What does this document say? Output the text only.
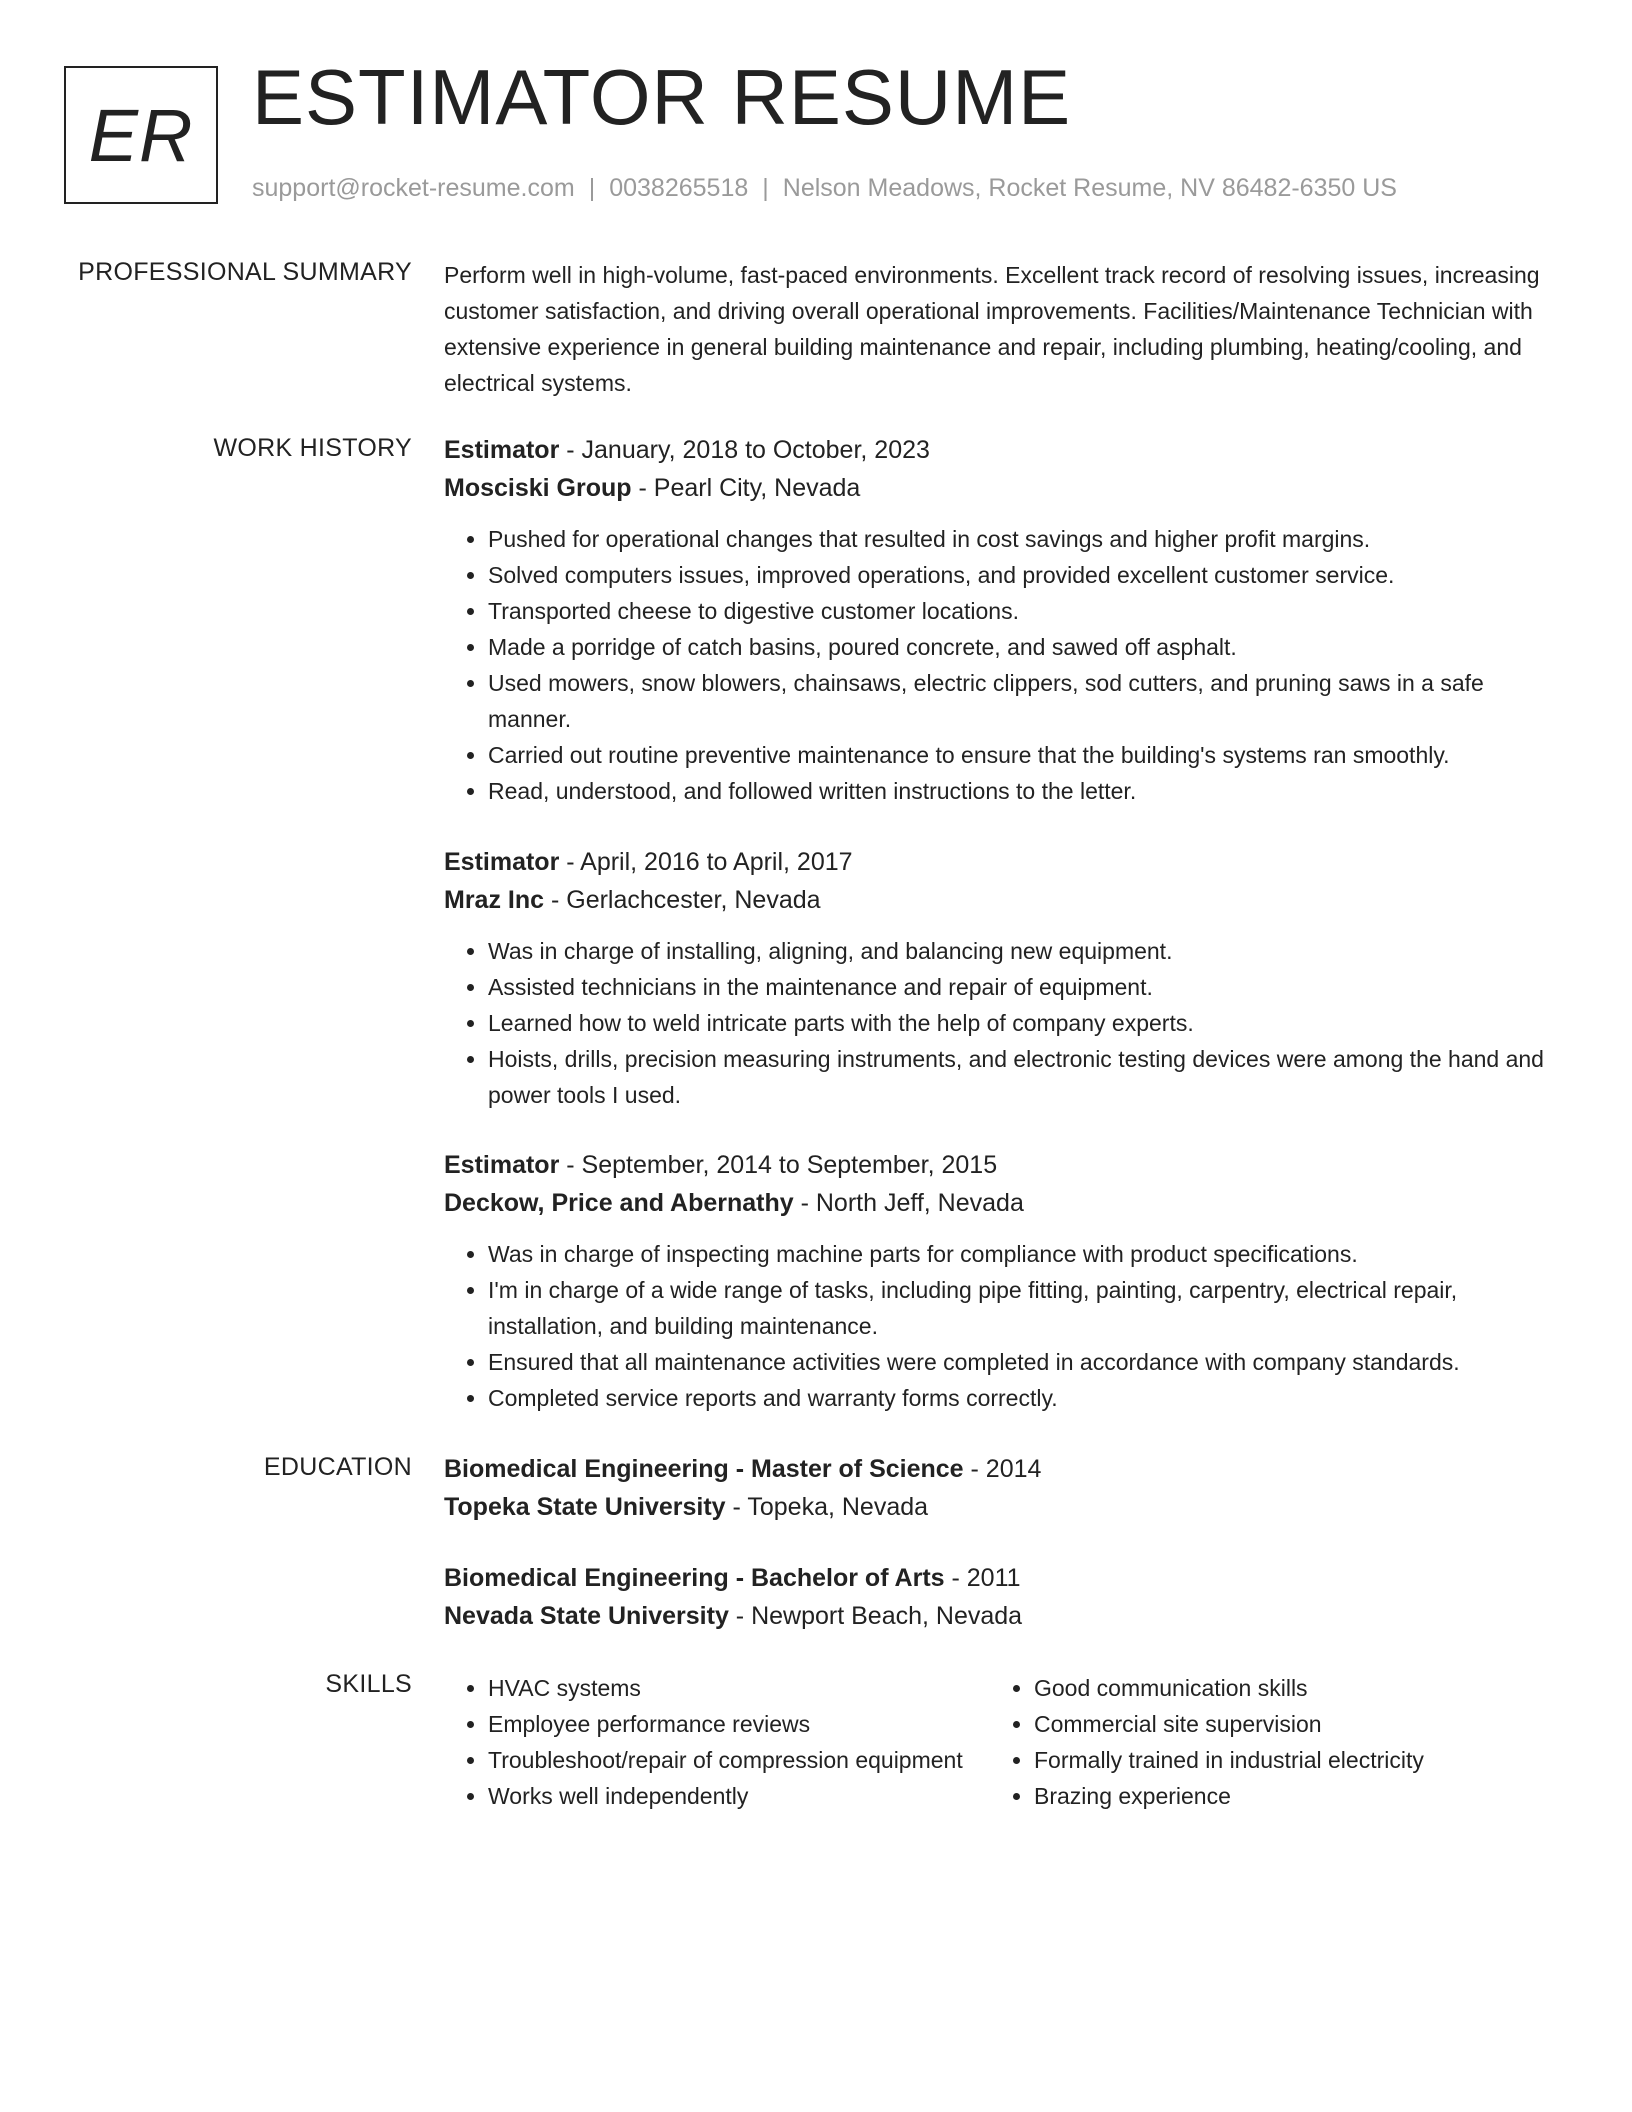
ER ESTIMATOR RESUME
support@rocket-resume.com | 0038265518 | Nelson Meadows, Rocket Resume, NV 86482-6350 US
PROFESSIONAL SUMMARY Perform well in high-volume, fast-paced environments. Excellent track record of resolving issues, increasing customer satisfaction, and driving overall operational improvements. Facilities/Maintenance Technician with extensive experience in general building maintenance and repair, including plumbing, heating/cooling, and electrical systems.

WORK HISTORY Estimator - January, 2018 to October, 2023
Mosciski Group - Pearl City, Nevada
• Pushed for operational changes that resulted in cost savings and higher profit margins.
• Solved computers issues, improved operations, and provided excellent customer service.
• Transported cheese to digestive customer locations.
• Made a porridge of catch basins, poured concrete, and sawed off asphalt.
• Used mowers, snow blowers, chainsaws, electric clippers, sod cutters, and pruning saws in a safe manner.
• Carried out routine preventive maintenance to ensure that the building's systems ran smoothly.
• Read, understood, and followed written instructions to the letter.
Estimator - April, 2016 to April, 2017
Mraz Inc - Gerlachcester, Nevada
• Was in charge of installing, aligning, and balancing new equipment.
• Assisted technicians in the maintenance and repair of equipment.
• Learned how to weld intricate parts with the help of company experts.
• Hoists, drills, precision measuring instruments, and electronic testing devices were among the hand and power tools I used.
Estimator - September, 2014 to September, 2015
Deckow, Price and Abernathy - North Jeff, Nevada
• Was in charge of inspecting machine parts for compliance with product specifications.
• I'm in charge of a wide range of tasks, including pipe fitting, painting, carpentry, electrical repair, installation, and building maintenance.
• Ensured that all maintenance activities were completed in accordance with company standards.
• Completed service reports and warranty forms correctly.
EDUCATION Biomedical Engineering - Master of Science - 2014
Topeka State University - Topeka, Nevada
Biomedical Engineering - Bachelor of Arts - 2011
Nevada State University - Newport Beach, Nevada
SKILLS
•	HVAC systems
• Employee performance reviews
• Troubleshoot/repair of compression equipment
• Works well independently
• Good communication skills
• Commercial site supervision
• Formally trained in industrial electricity
• Brazing experience
